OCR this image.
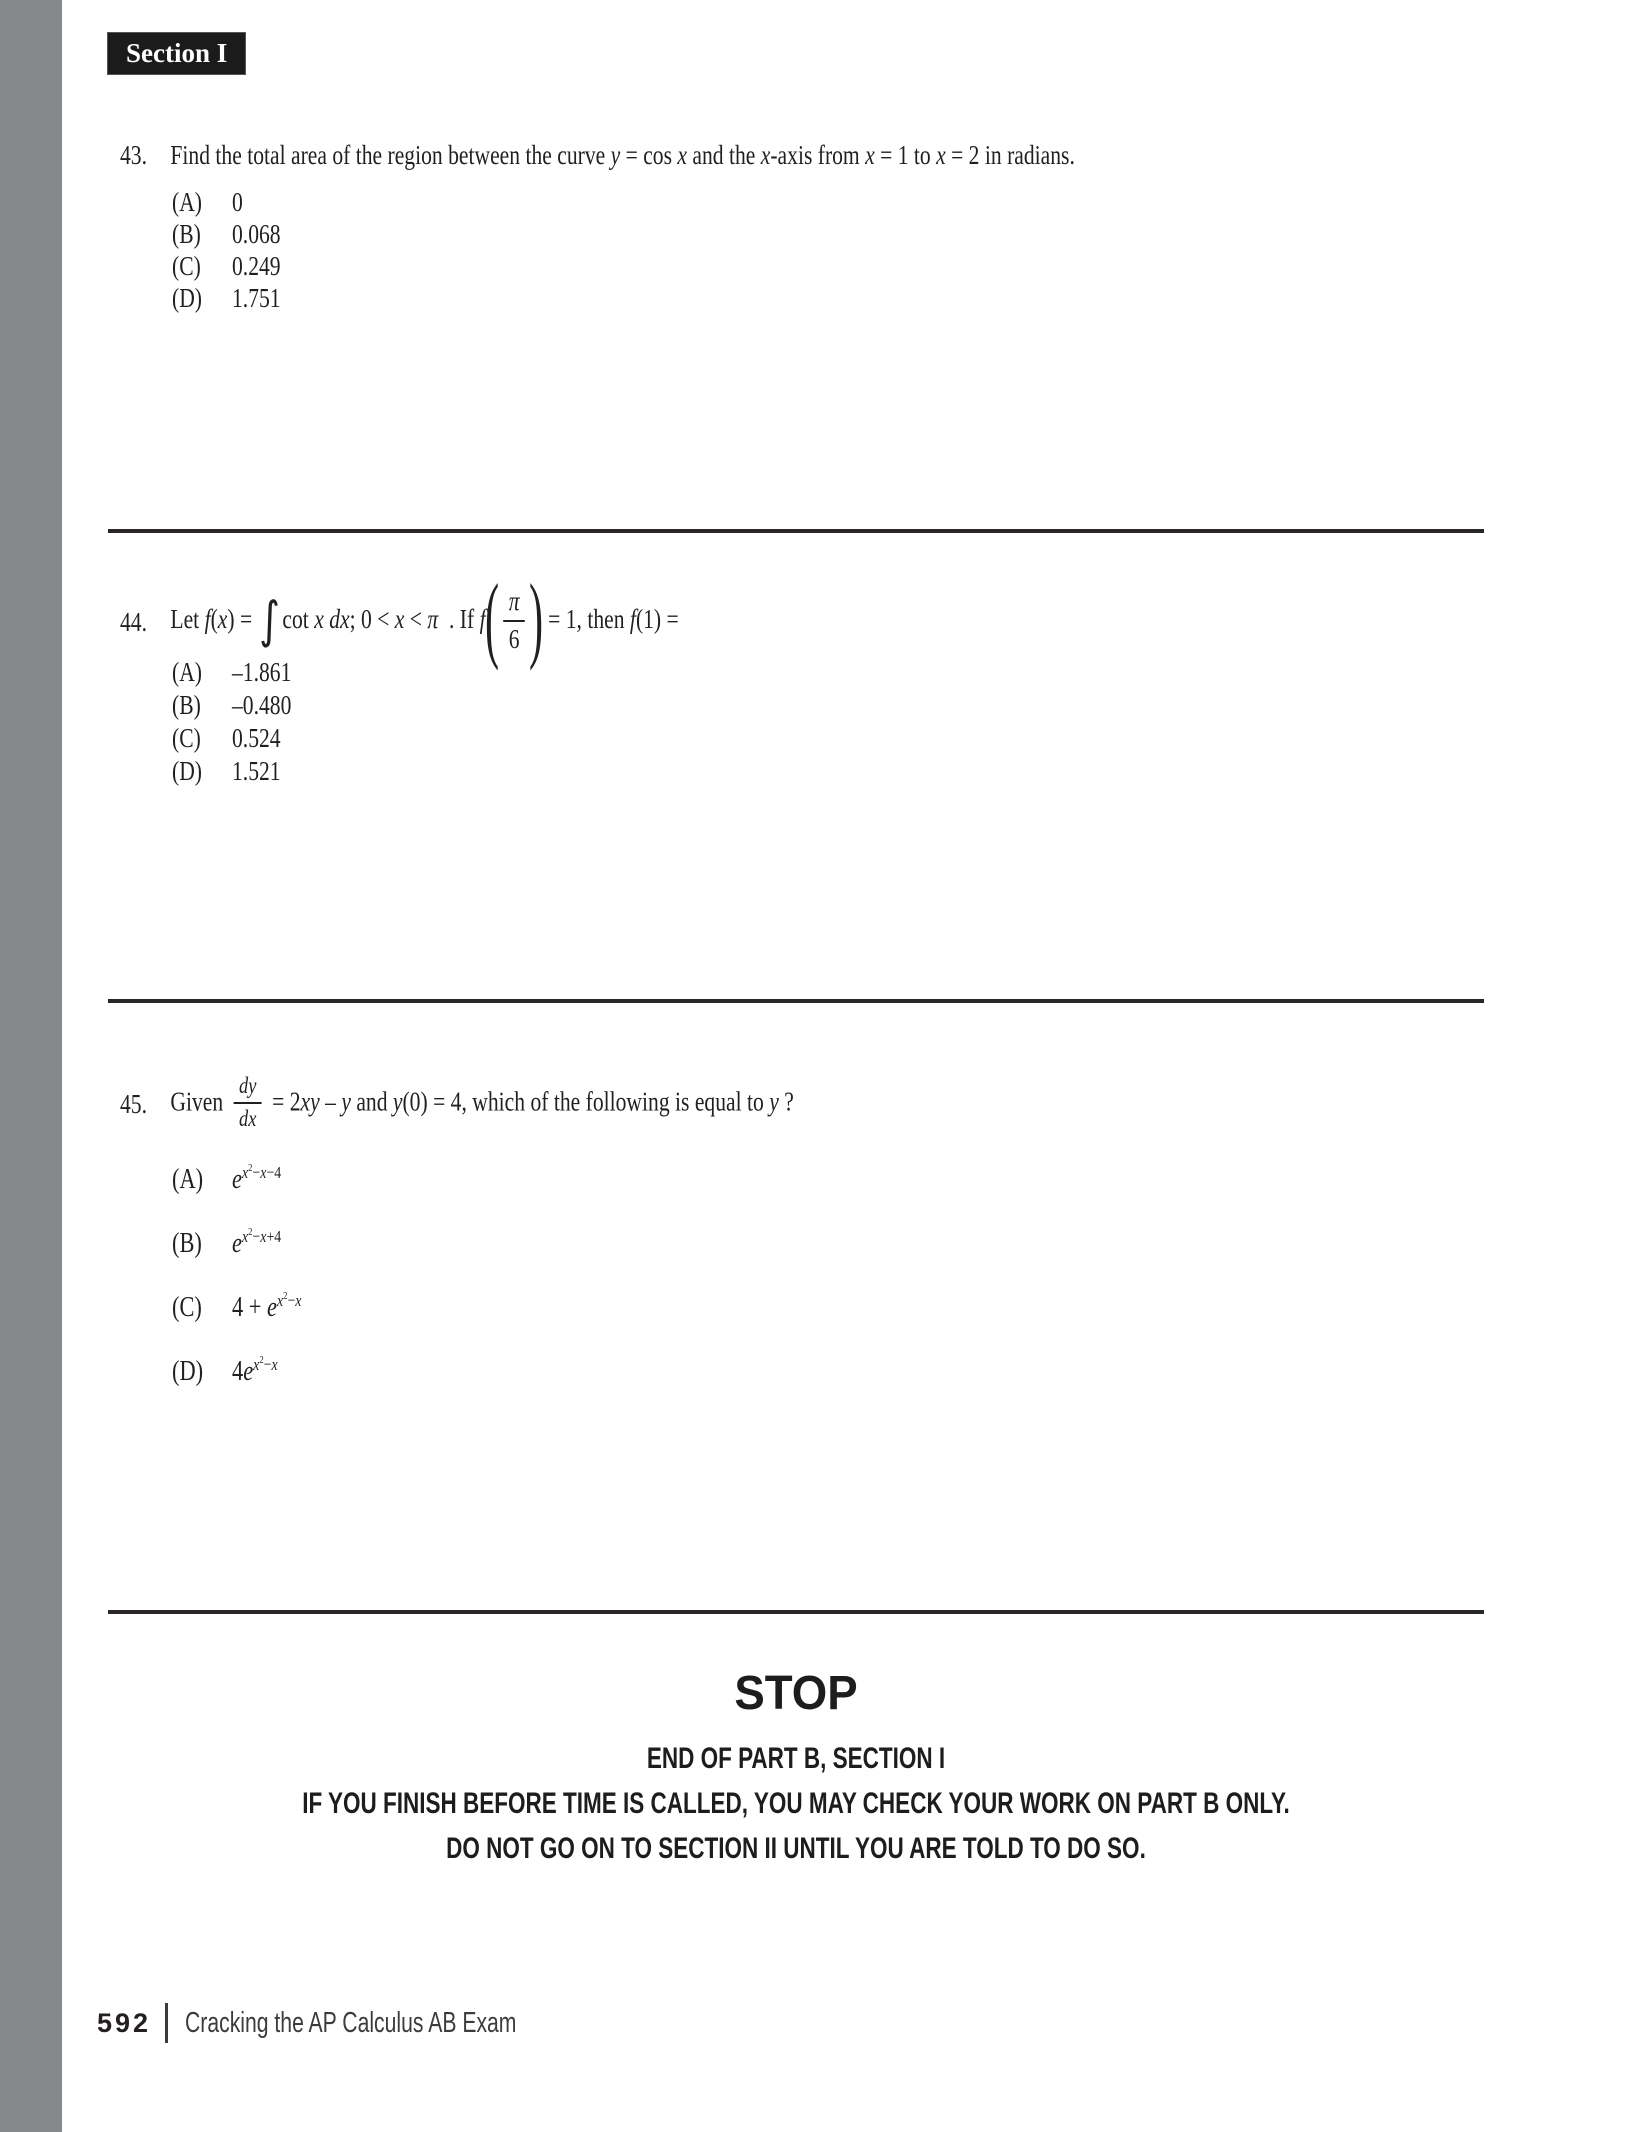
Section I
43. Find the total area of the region between the curve y = cos x and the x-axis from x = 1 to x = 2 in radians.
(A)	0
(B)	0.068
(C)	0.249
(D)	1.751
44. Let f(x) = ∫cot x dx; 0 < x < π  . If $f( \frac{\pi}{6}$ ) = 1, then f(1) =
(A)	–1.861
(B)	–0.480
(C)	0.524
(D)	1.521
45. Given $\frac{dy}{dx} = 2xy - y$ and y(0) = 4, which of the following is equal to y ?
(A)	$e^{x^2-x-4}$
(B)	$e^{x^2-x+4}$
(C)	$4 + e^{x^2-x}$
(D)	$4e^{x^2-x}$
STOP
END OF PART B, SECTION I
IF YOU FINISH BEFORE TIME IS CALLED, YOU MAY CHECK YOUR WORK ON PART B ONLY.
DO NOT GO ON TO SECTION II UNTIL YOU ARE TOLD TO DO SO.
592 Cracking the AP Calculus AB Exam
